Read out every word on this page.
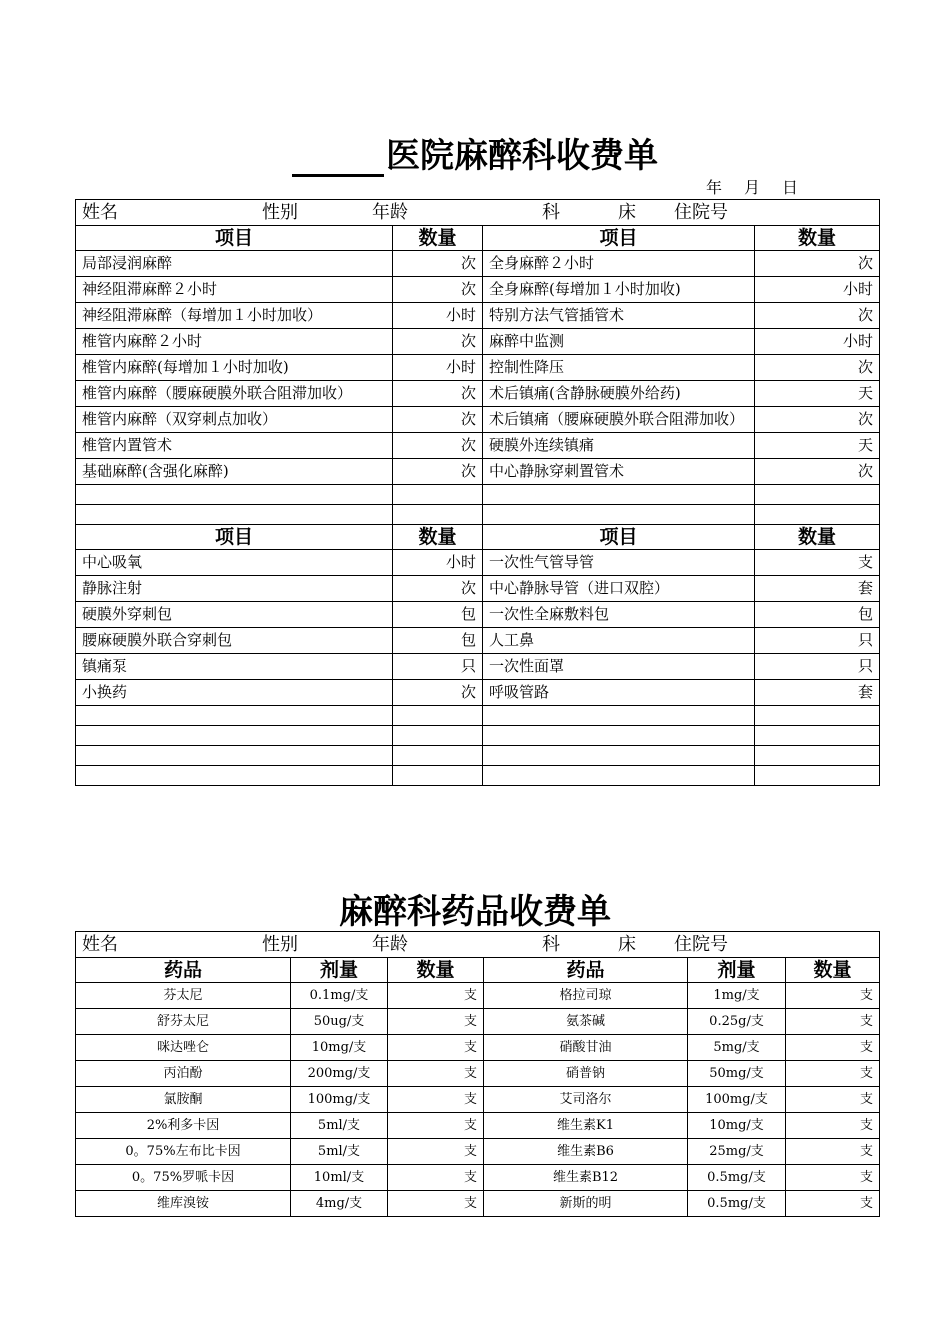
医院麻醉科收费单
年 月 日
姓名 性别 年龄 科 床 住院号			
项目	数量	项目	数量
局部浸润麻醉	次	全身麻醉２小时	次
神经阻滞麻醉２小时	次	全身麻醉(每增加１小时加收)	小时
神经阻滞麻醉（每增加１小时加收）	小时	特别方法气管插管术	次
椎管内麻醉２小时	次	麻醉中监测	小时
椎管内麻醉(每增加１小时加收)	小时	控制性降压	次
椎管内麻醉（腰麻硬膜外联合阻滞加收）	次	术后镇痛(含静脉硬膜外给药)	天
椎管内麻醉（双穿刺点加收）	次	术后镇痛（腰麻硬膜外联合阻滞加收）	次
椎管内置管术	次	硬膜外连续镇痛	天
基础麻醉(含强化麻醉)	次	中心静脉穿刺置管术	次

项目	数量	项目	数量
中心吸氧	小时	一次性气管导管	支
静脉注射	次	中心静脉导管（进口双腔）	套
硬膜外穿刺包	包	一次性全麻敷料包	包
腰麻硬膜外联合穿刺包	包	人工鼻	只
镇痛泵	只	一次性面罩	只
小换药	次	呼吸管路	套

麻醉科药品收费单
姓名 性别 年龄 科 床 住院号					
药品	剂量	数量	药品	剂量	数量
芬太尼	0.1mg/支	支	格拉司琼	1mg/支	支
舒芬太尼	50ug/支	支	氨茶碱	0.25g/支	支
咪达唑仑	10mg/支	支	硝酸甘油	5mg/支	支
丙泊酚	200mg/支	支	硝普钠	50mg/支	支
氯胺酮	100mg/支	支	艾司洛尔	100mg/支	支
2%利多卡因	5ml/支	支	维生素K1	10mg/支	支
0。75%左布比卡因	5ml/支	支	维生素B6	25mg/支	支
0。75%罗哌卡因	10ml/支	支	维生素B12	0.5mg/支	支
维库溴铵	4mg/支	支	新斯的明	0.5mg/支	支
